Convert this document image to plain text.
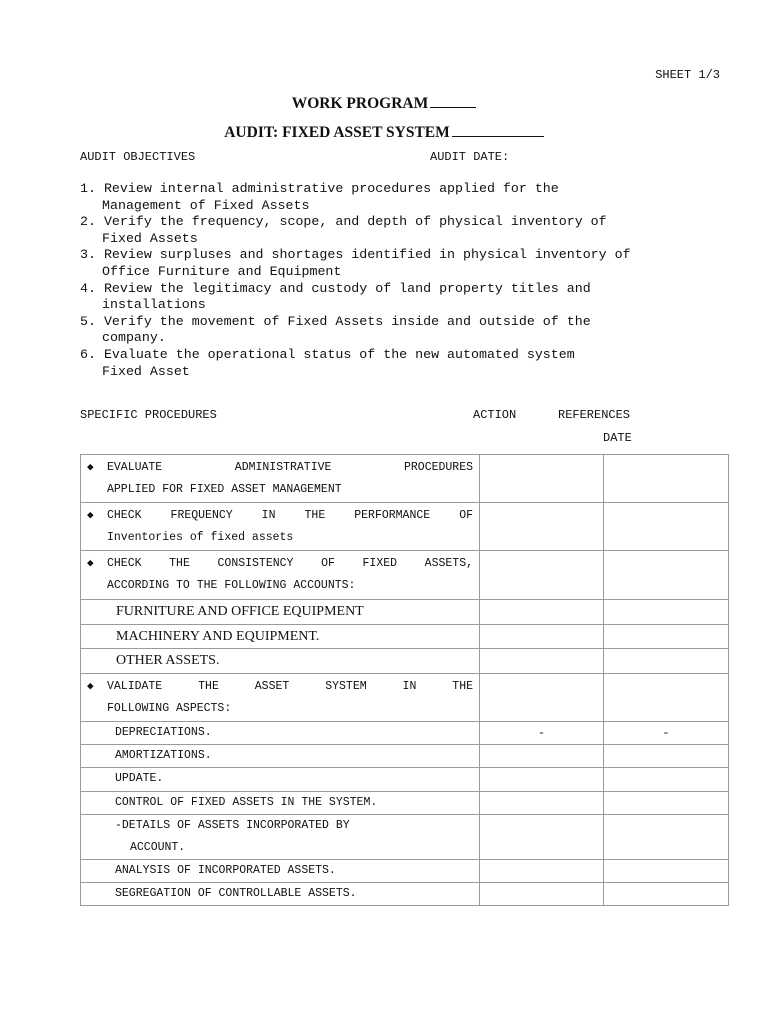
SHEET 1/3
WORK PROGRAM
AUDIT: FIXED ASSET SYSTEM
AUDIT OBJECTIVES	AUDIT DATE:
1. Review internal administrative procedures applied for the
Management of Fixed Assets
2. Verify the frequency, scope, and depth of physical inventory of
Fixed Assets
3. Review surpluses and shortages identified in physical inventory of
Office Furniture and Equipment
4. Review the legitimacy and custody of land property titles and
installations
5. Verify the movement of Fixed Assets inside and outside of the
company.
6. Evaluate the operational status of the new automated system
Fixed Asset
SPECIFIC PROCEDURES	ACTION	REFERENCES
DATE
◆ EVALUATE ADMINISTRATIVE PROCEDURES
APPLIED FOR FIXED ASSET MANAGEMENT		

◆ CHECK FREQUENCY IN THE PERFORMANCE OF
Inventories of fixed assets		

◆ CHECK THE CONSISTENCY OF FIXED ASSETS,
ACCORDING TO THE FOLLOWING ACCOUNTS:		

FURNITURE AND OFFICE EQUIPMENT		
MACHINERY AND EQUIPMENT.		
OTHER ASSETS.		

◆ VALIDATE THE ASSET SYSTEM IN THE
FOLLOWING ASPECTS:		

DEPRECIATIONS.	-	-
AMORTIZATIONS.		
UPDATE.		
CONTROL OF FIXED ASSETS IN THE SYSTEM.		

-DETAILS OF ASSETS INCORPORATED BY
ACCOUNT.		

ANALYSIS OF INCORPORATED ASSETS.		
SEGREGATION OF CONTROLLABLE ASSETS.		
